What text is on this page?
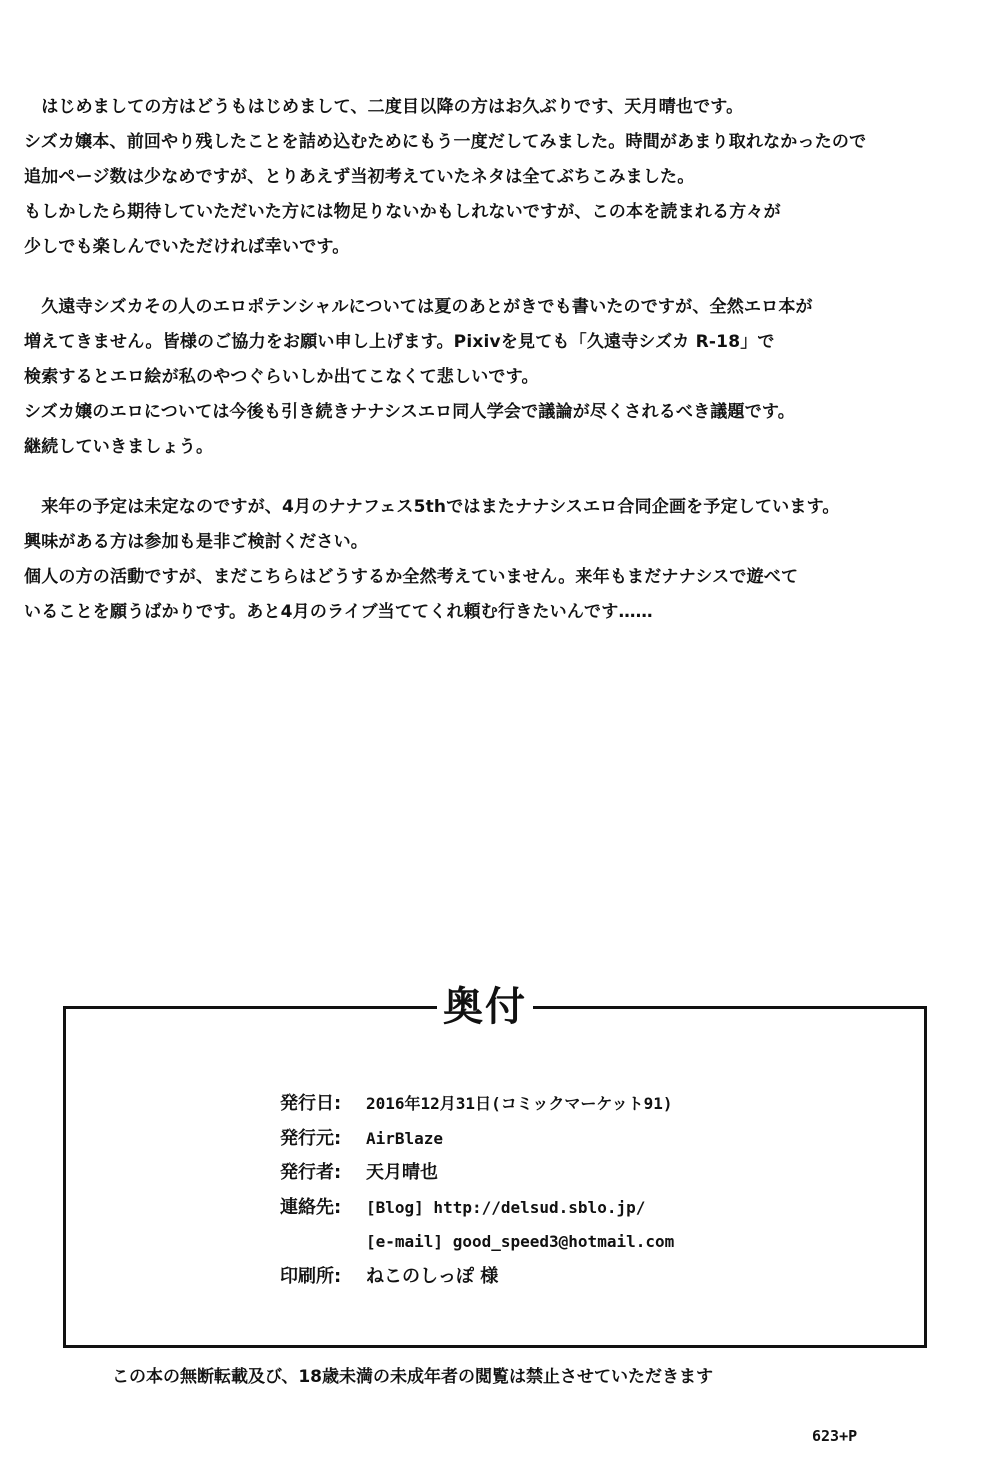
　はじめましての方はどうもはじめまして、二度目以降の方はお久ぶりです、天月晴也です。
シズカ嬢本、前回やり残したことを詰め込むためにもう一度だしてみました。時間があまり取れなかったので
追加ページ数は少なめですが、とりあえず当初考えていたネタは全てぶちこみました。
もしかしたら期待していただいた方には物足りないかもしれないですが、この本を読まれる方々が
少しでも楽しんでいただければ幸いです。
　久遠寺シズカその人のエロポテンシャルについては夏のあとがきでも書いたのですが、全然エロ本が
増えてきません。皆様のご協力をお願い申し上げます。Pixivを見ても「久遠寺シズカ R-18」で
検索するとエロ絵が私のやつぐらいしか出てこなくて悲しいです。
シズカ嬢のエロについては今後も引き続きナナシスエロ同人学会で議論が尽くされるべき議題です。
継続していきましょう。
　来年の予定は未定なのですが、4月のナナフェス5thではまたナナシスエロ合同企画を予定しています。
興味がある方は参加も是非ご検討ください。
個人の方の活動ですが、まだこちらはどうするか全然考えていません。来年もまだナナシスで遊べて
いることを願うばかりです。あと4月のライブ当ててくれ頼む行きたいんです……
奥付
発行日:	2016年12月31日(コミックマーケット91)
発行元:	AirBlaze
発行者:	天月晴也
連絡先:	[Blog] http://delsud.sblo.jp/
[e-mail] good_speed3@hotmail.com
印刷所:	ねこのしっぽ 様
この本の無断転載及び、18歳未満の未成年者の閲覧は禁止させていただきます
623+P
